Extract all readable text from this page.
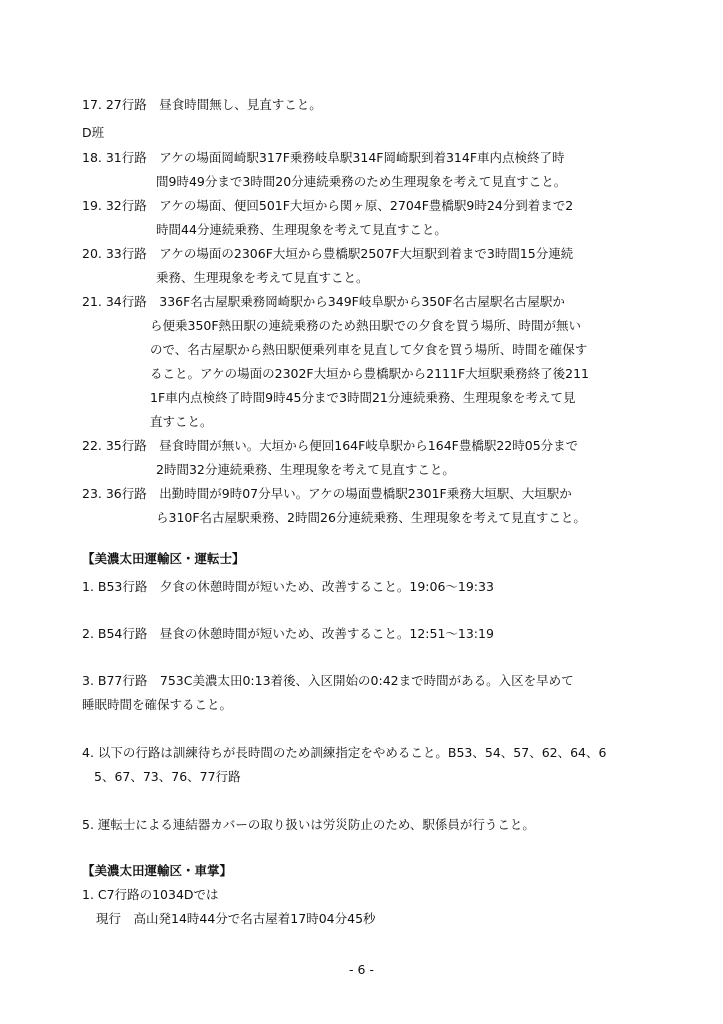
17. 27行路　昼食時間無し、見直すこと。
D班
18. 31行路　アケの場面岡崎駅317F乗務岐阜駅314F岡崎駅到着314F車内点検終了時
間9時49分まで3時間20分連続乗務のため生理現象を考えて見直すこと。
19. 32行路　アケの場面、便回501F大垣から関ヶ原、2704F豊橋駅9時24分到着まで2
時間44分連続乗務、生理現象を考えて見直すこと。
20. 33行路　アケの場面の2306F大垣から豊橋駅2507F大垣駅到着まで3時間15分連続
乗務、生理現象を考えて見直すこと。
21. 34行路　336F名古屋駅乗務岡崎駅から349F岐阜駅から350F名古屋駅名古屋駅か
ら便乗350F熱田駅の連続乗務のため熱田駅での夕食を買う場所、時間が無い
ので、名古屋駅から熱田駅便乗列車を見直して夕食を買う場所、時間を確保す
ること。アケの場面の2302F大垣から豊橋駅から2111F大垣駅乗務終了後211
1F車内点検終了時間9時45分まで3時間21分連続乗務、生理現象を考えて見
直すこと。
22. 35行路　昼食時間が無い。大垣から便回164F岐阜駅から164F豊橋駅22時05分まで
2時間32分連続乗務、生理現象を考えて見直すこと。
23. 36行路　出勤時間が9時07分早い。アケの場面豊橋駅2301F乗務大垣駅、大垣駅か
ら310F名古屋駅乗務、2時間26分連続乗務、生理現象を考えて見直すこと。
【美濃太田運輸区・運転士】
1. B53行路　夕食の休憩時間が短いため、改善すること。19:06～19:33
2. B54行路　昼食の休憩時間が短いため、改善すること。12:51～13:19
3. B77行路　753C美濃太田0:13着後、入区開始の0:42まで時間がある。入区を早めて
睡眠時間を確保すること。
4. 以下の行路は訓練待ちが長時間のため訓練指定をやめること。B53、54、57、62、64、6
5、67、73、76、77行路
5. 運転士による連結器カバーの取り扱いは労災防止のため、駅係員が行うこと。
【美濃太田運輸区・車掌】
1. C7行路の1034Dでは
現行　高山発14時44分で名古屋着17時04分45秒
- 6 -
